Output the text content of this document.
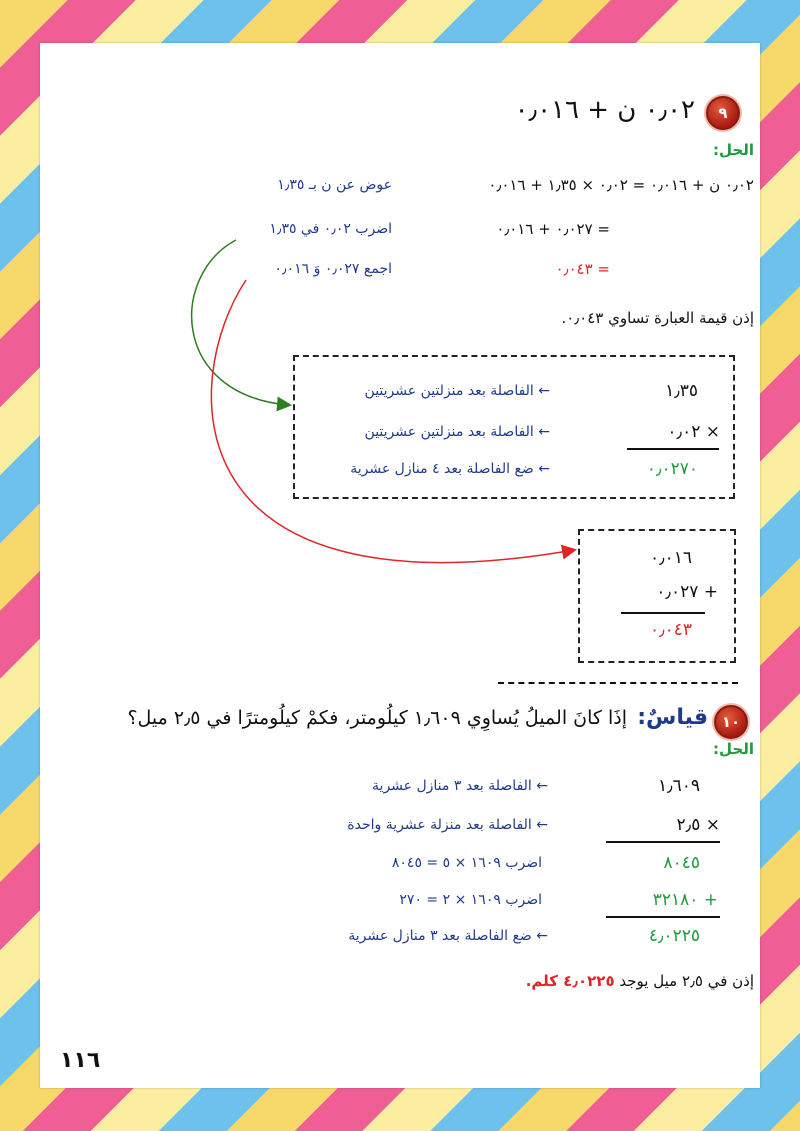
٩
٠٫٠٢ ن + ٠٫٠١٦
الحل:
٠٫٠٢ ن + ٠٫٠١٦ = ٠٫٠٢ × ١٫٣٥ + ٠٫٠١٦
عوض عن ن بـ ١٫٣٥
= ٠٫٠٢٧ + ٠٫٠١٦
اضرب ٠٫٠٢ في ١٫٣٥
= ٠٫٠٤٣
اجمع ٠٫٠٢٧ وَ ٠٫٠١٦
إذن قيمة العبارة تساوي ٠٫٠٤٣.
١٫٣٥
← الفاصلة بعد منزلتين عشريتين
× ٠٫٠٢
← الفاصلة بعد منزلتين عشريتين
٠٫٠٢٧٠
← ضع الفاصلة بعد ٤ منازل عشرية
٠٫٠١٦
+ ٠٫٠٢٧
٠٫٠٤٣
١٠
قياسٌ:
إذَا كانَ الميلُ يُساوِي ١٫٦٠٩ كيلُومتر، فكمْ كيلُومترًا في ٢٫٥ ميل؟
الحل:
١٫٦٠٩
← الفاصلة بعد ٣ منازل عشرية
× ٢٫٥
← الفاصلة بعد منزلة عشرية واحدة
٨٠٤٥
اضرب ١٦٠٩ × ٥ = ٨٠٤٥
+ ٣٢١٨٠
اضرب ١٦٠٩ × ٢ = ٢٧٠
٤٫٠٢٢٥
← ضع الفاصلة بعد ٣ منازل عشرية
إذن في ٢٫٥ ميل يوجد ٤٫٠٢٢٥ كلم.
١١٦
